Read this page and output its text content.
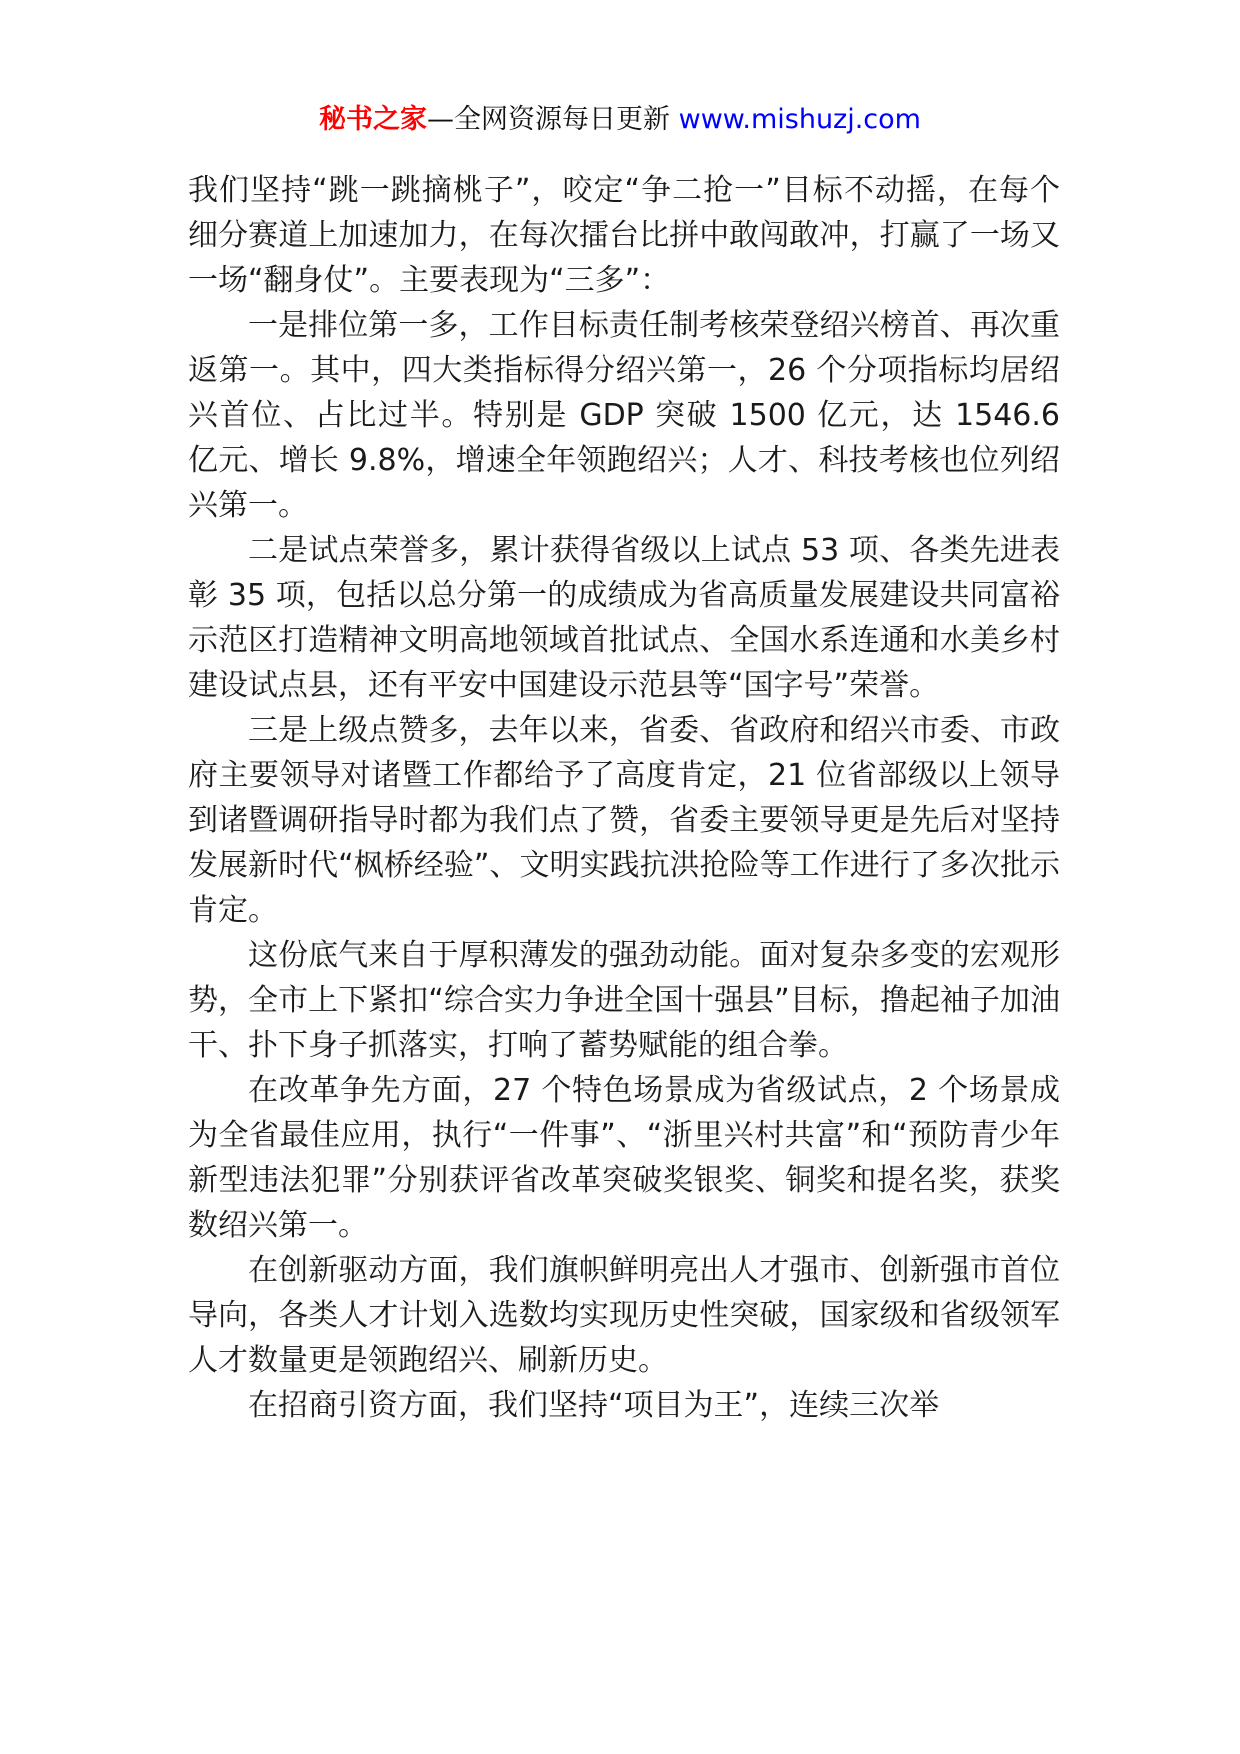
秘书之家—全网资源每日更新 www.mishuzj.com

我们坚持“跳一跳摘桃子”，咬定“争二抢一”目标不动摇，在每个细分赛道上加速加力，在每次擂台比拼中敢闯敢冲，打赢了一场又一场“翻身仗”。主要表现为“三多”：

一是排位第一多，工作目标责任制考核荣登绍兴榜首、再次重返第一。其中，四大类指标得分绍兴第一，26 个分项指标均居绍兴首位、占比过半。特别是 GDP 突破 1500 亿元，达 1546.6 亿元、增长 9.8%，增速全年领跑绍兴；人才、科技考核也位列绍兴第一。

二是试点荣誉多，累计获得省级以上试点 53 项、各类先进表彰 35 项，包括以总分第一的成绩成为省高质量发展建设共同富裕示范区打造精神文明高地领域首批试点、全国水系连通和水美乡村建设试点县，还有平安中国建设示范县等“国字号”荣誉。

三是上级点赞多，去年以来，省委、省政府和绍兴市委、市政府主要领导对诸暨工作都给予了高度肯定，21 位省部级以上领导到诸暨调研指导时都为我们点了赞，省委主要领导更是先后对坚持发展新时代“枫桥经验”、文明实践抗洪抢险等工作进行了多次批示肯定。

这份底气来自于厚积薄发的强劲动能。面对复杂多变的宏观形势，全市上下紧扣“综合实力争进全国十强县”目标，撸起袖子加油干、扑下身子抓落实，打响了蓄势赋能的组合拳。

在改革争先方面，27 个特色场景成为省级试点，2 个场景成为全省最佳应用，执行“一件事”、“浙里兴村共富”和“预防青少年新型违法犯罪”分别获评省改革突破奖银奖、铜奖和提名奖，获奖数绍兴第一。

在创新驱动方面，我们旗帜鲜明亮出人才强市、创新强市首位导向，各类人才计划入选数均实现历史性突破，国家级和省级领军人才数量更是领跑绍兴、刷新历史。

在招商引资方面，我们坚持“项目为王”，连续三次举
